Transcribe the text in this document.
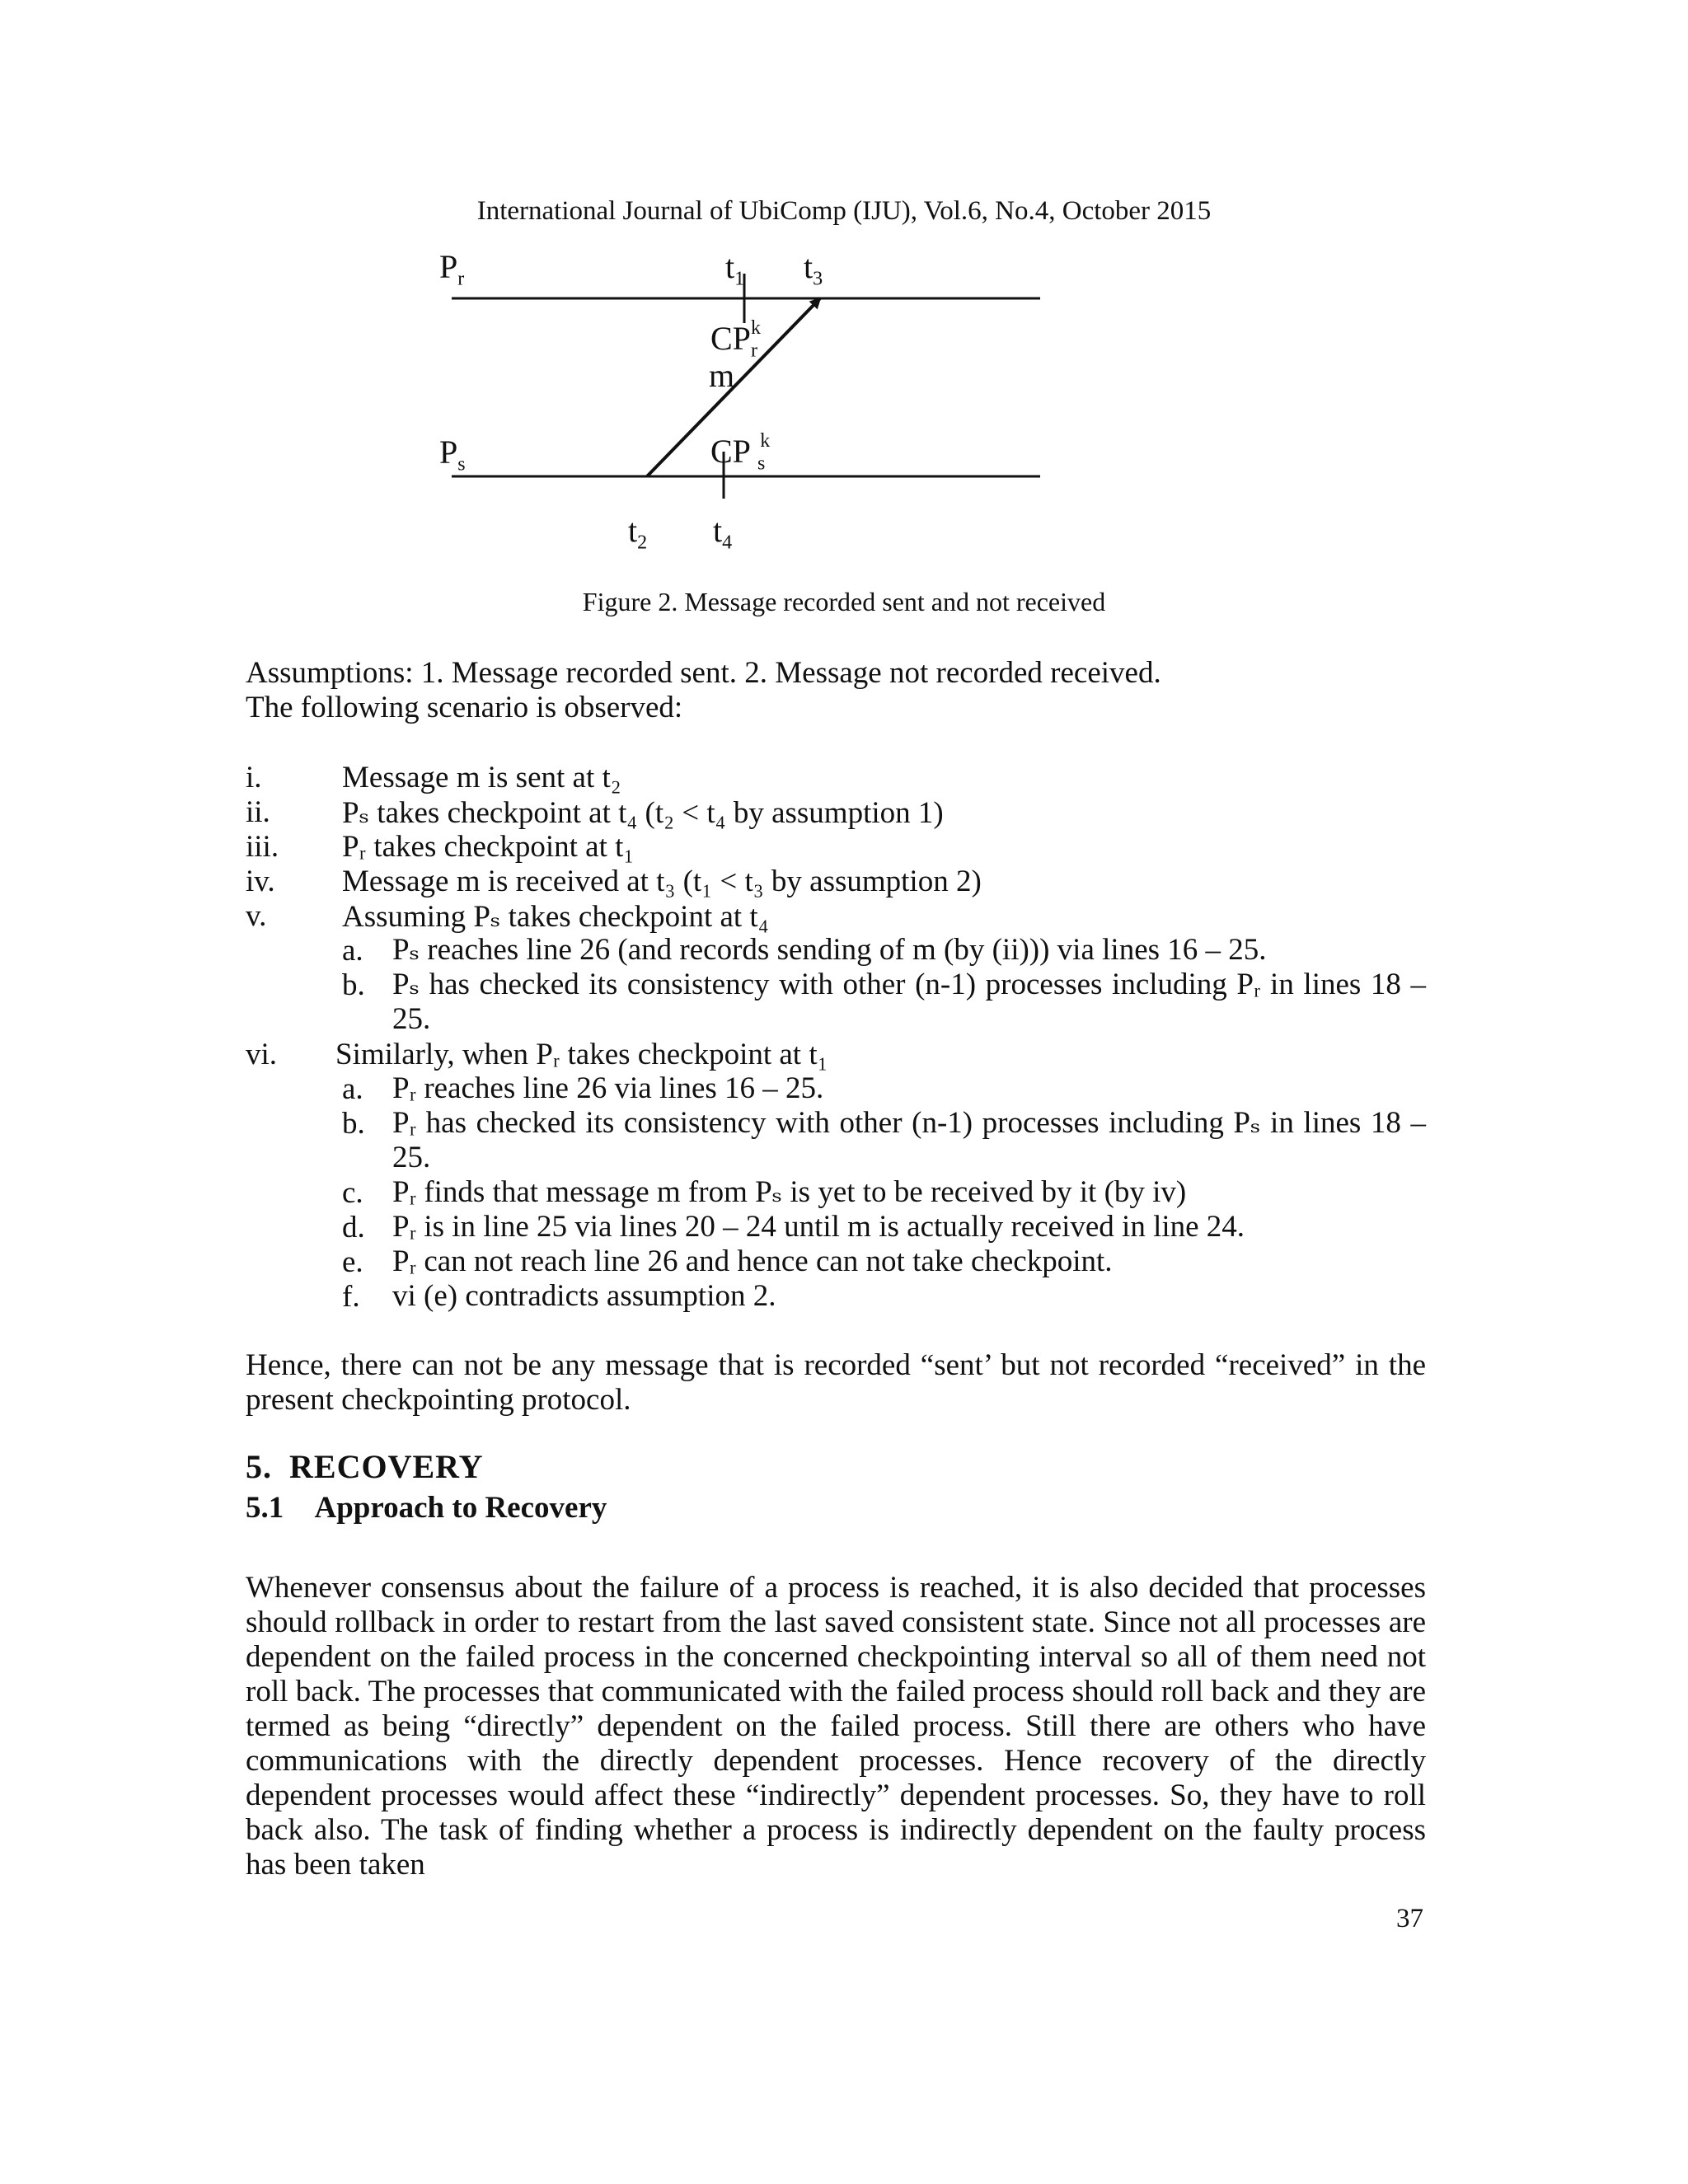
International Journal of UbiComp (IJU), Vol.6, No.4, October 2015
$P_r$
$P_s$
$t_1$ $t_3$
$CP_r^k$
m
CP $_s^k$
$t_2$ $t_4$
Figure 2. Message recorded sent and not received
Assumptions: 1. Message recorded sent. 2. Message not recorded received.
The following scenario is observed:
i.	Message m is sent at t₂
ii. Pₛ takes checkpoint at t₄ (t₂ < t₄ by assumption 1)
iii. Pᵣ takes checkpoint at t₁
iv. Message m is received at t₃ (t₁ < t₃ by assumption 2)
v. Assuming Pₛ takes checkpoint at t₄
a. Pₛ reaches line 26 (and records sending of m (by (ii))) via lines 16 – 25.
b. Pₛ has checked its consistency with other (n-1) processes including Pᵣ in lines 18 – 25.
vi. Similarly, when Pᵣ takes checkpoint at t₁
a. Pᵣ reaches line 26 via lines 16 – 25.
b. Pᵣ has checked its consistency with other (n-1) processes including Pₛ in lines 18 – 25.
c. Pᵣ finds that message m from Pₛ is yet to be received by it (by iv)
d. Pᵣ is in line 25 via lines 20 – 24 until m is actually received in line 24.
e. Pᵣ can not reach line 26 and hence can not take checkpoint.
f. vi (e) contradicts assumption 2.
Hence, there can not be any message that is recorded “sent’ but not recorded “received” in the present checkpointing protocol.
5. RECOVERY
5.1 Approach to Recovery
Whenever consensus about the failure of a process is reached, it is also decided that processes should rollback in order to restart from the last saved consistent state. Since not all processes are dependent on the failed process in the concerned checkpointing interval so all of them need not roll back. The processes that communicated with the failed process should roll back and they are termed as being “directly” dependent on the failed process. Still there are others who have communications with the directly dependent processes. Hence recovery of the directly dependent processes would affect these “indirectly” dependent processes. So, they have to roll back also. The task of finding whether a process is indirectly dependent on the faulty process has been taken
37
